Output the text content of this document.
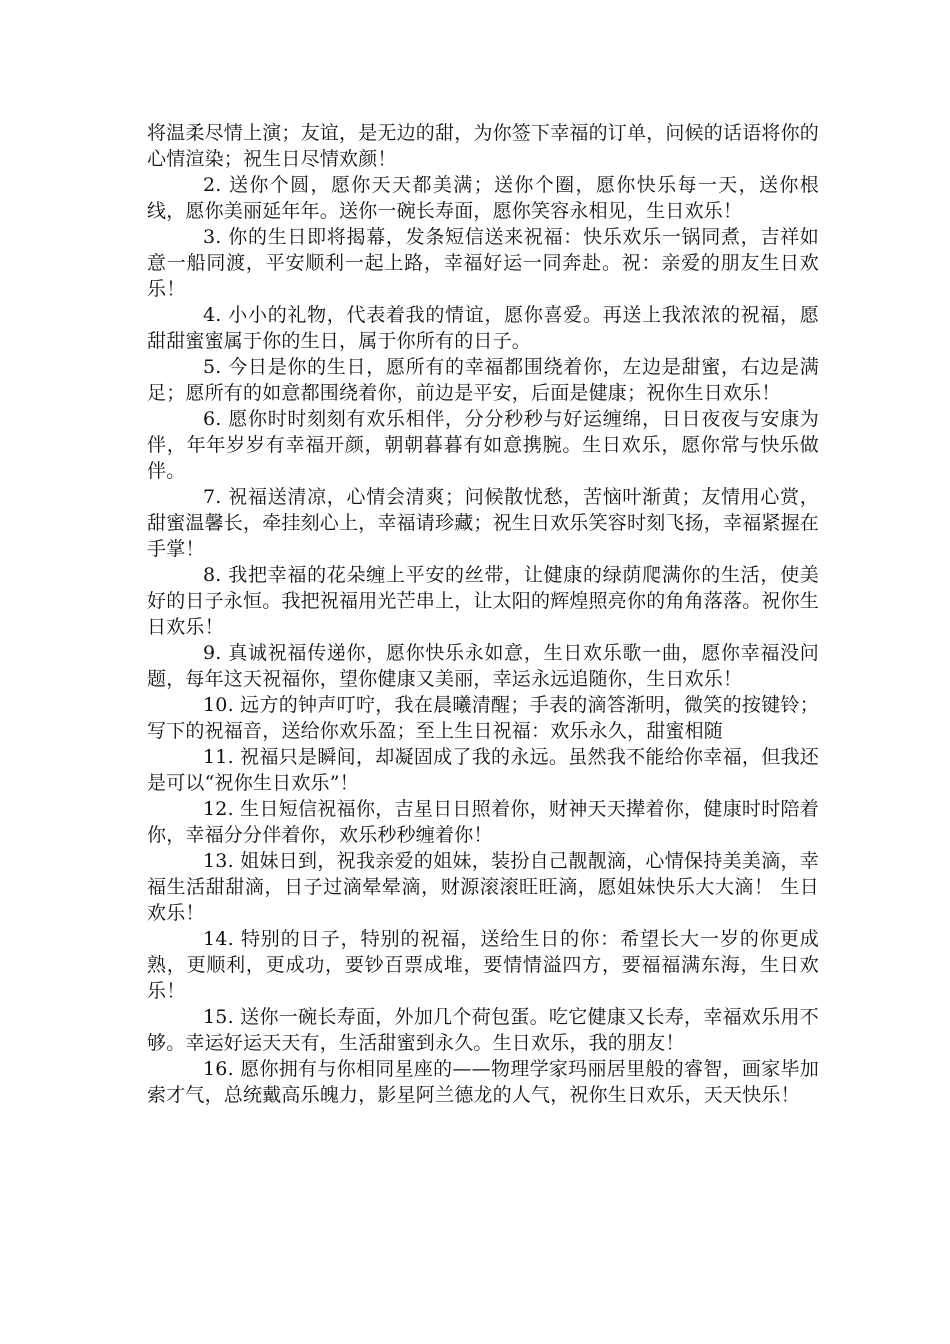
将温柔尽情上演；友谊，是无边的甜，为你签下幸福的订单，问候的话语将你的心情渲染；祝生日尽情欢颜！

2. 送你个圆，愿你天天都美满；送你个圈，愿你快乐每一天，送你根线，愿你美丽延年年。送你一碗长寿面，愿你笑容永相见，生日欢乐！

3. 你的生日即将揭幕，发条短信送来祝福：快乐欢乐一锅同煮，吉祥如意一船同渡，平安顺利一起上路，幸福好运一同奔赴。祝：亲爱的朋友生日欢乐！

4. 小小的礼物，代表着我的情谊，愿你喜爱。再送上我浓浓的祝福，愿甜甜蜜蜜属于你的生日，属于你所有的日子。

5. 今日是你的生日，愿所有的幸福都围绕着你，左边是甜蜜，右边是满足；愿所有的如意都围绕着你，前边是平安，后面是健康；祝你生日欢乐！

6. 愿你时时刻刻有欢乐相伴，分分秒秒与好运缠绵，日日夜夜与安康为伴，年年岁岁有幸福开颜，朝朝暮暮有如意携腕。生日欢乐，愿你常与快乐做伴。

7. 祝福送清凉，心情会清爽；问候散忧愁，苦恼叶渐黄；友情用心赏，甜蜜温馨长，牵挂刻心上，幸福请珍藏；祝生日欢乐笑容时刻飞扬，幸福紧握在手掌！

8. 我把幸福的花朵缠上平安的丝带，让健康的绿荫爬满你的生活，使美好的日子永恒。我把祝福用光芒串上，让太阳的辉煌照亮你的角角落落。祝你生日欢乐！

9. 真诚祝福传递你，愿你快乐永如意，生日欢乐歌一曲，愿你幸福没问题，每年这天祝福你，望你健康又美丽，幸运永远追随你，生日欢乐！

10. 远方的钟声叮咛，我在晨曦清醒；手表的滴答渐明，微笑的按键铃；写下的祝福音，送给你欢乐盈；至上生日祝福：欢乐永久，甜蜜相随

11. 祝福只是瞬间，却凝固成了我的永远。虽然我不能给你幸福，但我还是可以“祝你生日欢乐”！

12. 生日短信祝福你，吉星日日照着你，财神天天撵着你，健康时时陪着你，幸福分分伴着你，欢乐秒秒缠着你！

13. 姐妹日到，祝我亲爱的姐妹，装扮自己靓靓滴，心情保持美美滴，幸福生活甜甜滴，日子过滴晕晕滴，财源滚滚旺旺滴，愿姐妹快乐大大滴！ 生日欢乐！

14. 特别的日子，特别的祝福，送给生日的你：希望长大一岁的你更成熟，更顺利，更成功，要钞百票成堆，要情情溢四方，要福福满东海，生日欢乐！

15. 送你一碗长寿面，外加几个荷包蛋。吃它健康又长寿，幸福欢乐用不够。幸运好运天天有，生活甜蜜到永久。生日欢乐，我的朋友！

16. 愿你拥有与你相同星座的——物理学家玛丽居里般的睿智，画家毕加索才气，总统戴高乐魄力，影星阿兰德龙的人气，祝你生日欢乐，天天快乐！
